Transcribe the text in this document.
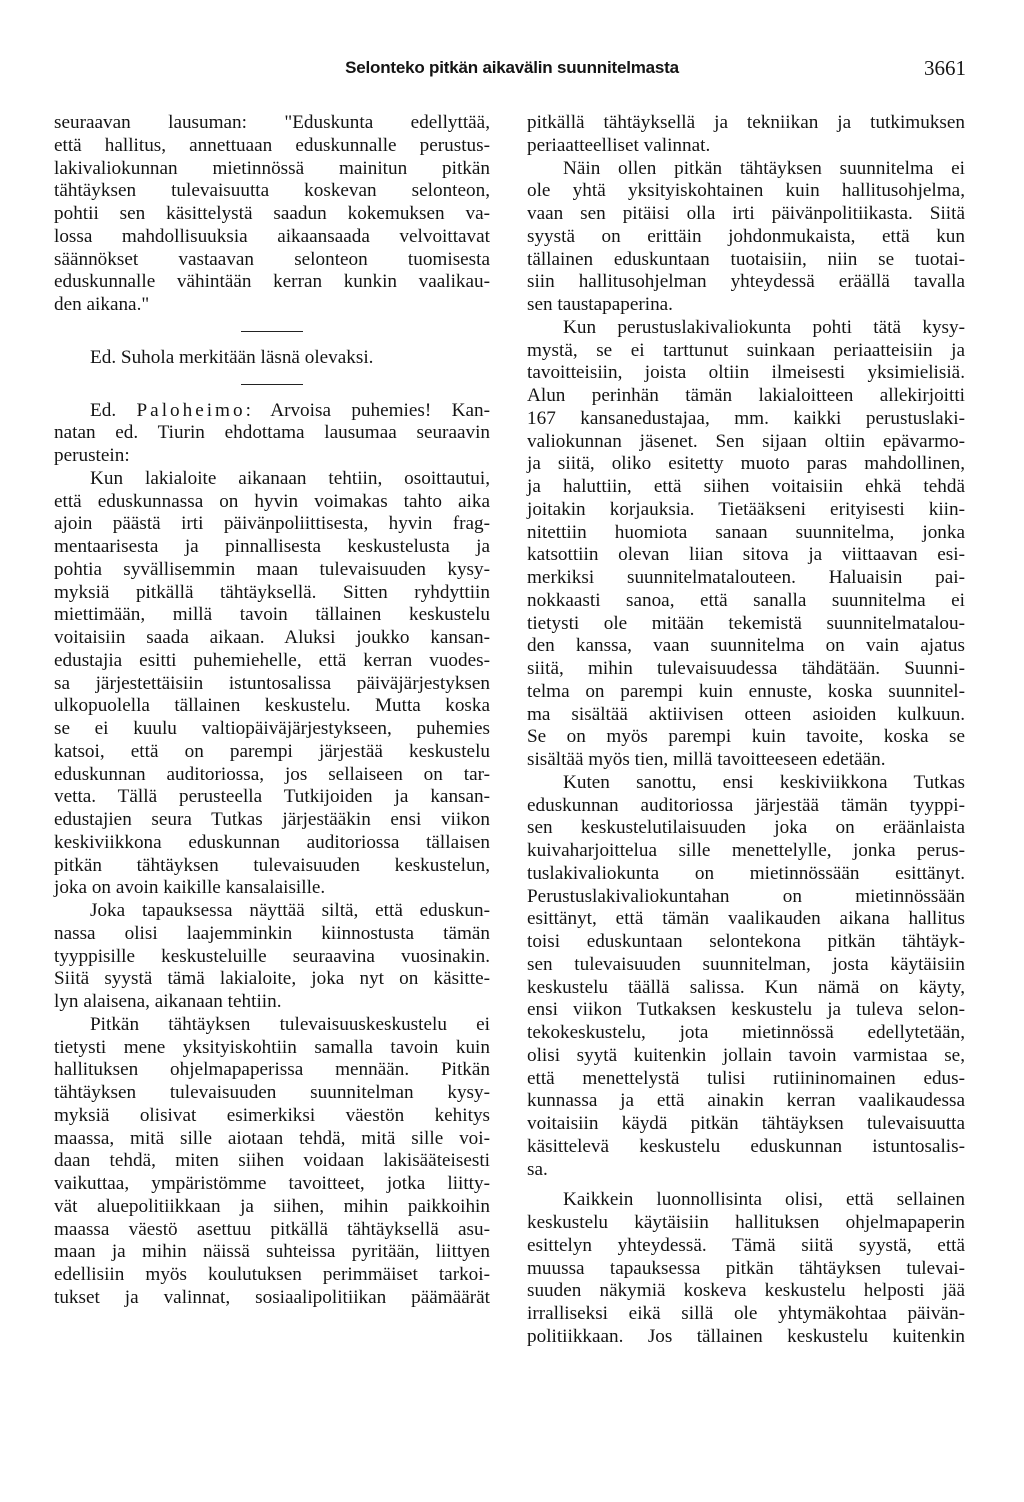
Selonteko pitkän aikavälin suunnitelmasta	3661
seuraavan lausuman: "Eduskunta edellyttää,
että hallitus, annettuaan eduskunnalle perustus-
lakivaliokunnan mietinnössä mainitun pitkän
tähtäyksen tulevaisuutta koskevan selonteon,
pohtii sen käsittelystä saadun kokemuksen va-
lossa mahdollisuuksia aikaansaada velvoittavat
säännökset vastaavan selonteon tuomisesta
eduskunnalle vähintään kerran kunkin vaalikau-
den aikana."
Ed. Suhola merkitään läsnä olevaksi.
Ed. Paloheimo: Arvoisa puhemies! Kan-
natan ed. Tiurin ehdottama lausumaa seuraavin
perustein:
Kun lakialoite aikanaan tehtiin, osoittautui,
että eduskunnassa on hyvin voimakas tahto aika
ajoin päästä irti päivänpoliittisesta, hyvin frag-
mentaarisesta ja pinnallisesta keskustelusta ja
pohtia syvällisemmin maan tulevaisuuden kysy-
myksiä pitkällä tähtäyksellä. Sitten ryhdyttiin
miettimään, millä tavoin tällainen keskustelu
voitaisiin saada aikaan. Aluksi joukko kansan-
edustajia esitti puhemiehelle, että kerran vuodes-
sa järjestettäisiin istuntosalissa päiväjärjestyksen
ulkopuolella tällainen keskustelu. Mutta koska
se ei kuulu valtiopäiväjärjestykseen, puhemies
katsoi, että on parempi järjestää keskustelu
eduskunnan auditoriossa, jos sellaiseen on tar-
vetta. Tällä perusteella Tutkijoiden ja kansan-
edustajien seura Tutkas järjestääkin ensi viikon
keskiviikkona eduskunnan auditoriossa tällaisen
pitkän tähtäyksen tulevaisuuden keskustelun,
joka on avoin kaikille kansalaisille.
Joka tapauksessa näyttää siltä, että eduskun-
nassa olisi laajemminkin kiinnostusta tämän
tyyppisille keskusteluille seuraavina vuosinakin.
Siitä syystä tämä lakialoite, joka nyt on käsitte-
lyn alaisena, aikanaan tehtiin.
Pitkän tähtäyksen tulevaisuuskeskustelu ei
tietysti mene yksityiskohtiin samalla tavoin kuin
hallituksen ohjelmapaperissa mennään. Pitkän
tähtäyksen tulevaisuuden suunnitelman kysy-
myksiä olisivat esimerkiksi väestön kehitys
maassa, mitä sille aiotaan tehdä, mitä sille voi-
daan tehdä, miten siihen voidaan lakisääteisesti
vaikuttaa, ympäristömme tavoitteet, jotka liitty-
vät aluepolitiikkaan ja siihen, mihin paikkoihin
maassa väestö asettuu pitkällä tähtäyksellä asu-
maan ja mihin näissä suhteissa pyritään, liittyen
edellisiin myös koulutuksen perimmäiset tarkoi-
tukset ja valinnat, sosiaalipolitiikan päämäärät
pitkällä tähtäyksellä ja tekniikan ja tutkimuksen
periaatteelliset valinnat.
Näin ollen pitkän tähtäyksen suunnitelma ei
ole yhtä yksityiskohtainen kuin hallitusohjelma,
vaan sen pitäisi olla irti päivänpolitiikasta. Siitä
syystä on erittäin johdonmukaista, että kun
tällainen eduskuntaan tuotaisiin, niin se tuotai-
siin hallitusohjelman yhteydessä eräällä tavalla
sen taustapaperina.
Kun perustuslakivaliokunta pohti tätä kysy-
mystä, se ei tarttunut suinkaan periaatteisiin ja
tavoitteisiin, joista oltiin ilmeisesti yksimielisiä.
Alun perinhän tämän lakialoitteen allekirjoitti
167 kansanedustajaa, mm. kaikki perustuslaki-
valiokunnan jäsenet. Sen sijaan oltiin epävarmo-
ja siitä, oliko esitetty muoto paras mahdollinen,
ja haluttiin, että siihen voitaisiin ehkä tehdä
joitakin korjauksia. Tietääkseni erityisesti kiin-
nitettiin huomiota sanaan suunnitelma, jonka
katsottiin olevan liian sitova ja viittaavan esi-
merkiksi suunnitelmatalouteen. Haluaisin pai-
nokkaasti sanoa, että sanalla suunnitelma ei
tietysti ole mitään tekemistä suunnitelmatalou-
den kanssa, vaan suunnitelma on vain ajatus
siitä, mihin tulevaisuudessa tähdätään. Suunni-
telma on parempi kuin ennuste, koska suunnitel-
ma sisältää aktiivisen otteen asioiden kulkuun.
Se on myös parempi kuin tavoite, koska se
sisältää myös tien, millä tavoitteeseen edetään.
Kuten sanottu, ensi keskiviikkona Tutkas
eduskunnan auditoriossa järjestää tämän tyyppi-
sen keskustelutilaisuuden joka on eräänlaista
kuivaharjoittelua sille menettelylle, jonka perus-
tuslakivaliokunta on mietinnössään esittänyt.
Perustuslakivaliokuntahan on mietinnössään
esittänyt, että tämän vaalikauden aikana hallitus
toisi eduskuntaan selontekona pitkän tähtäyk-
sen tulevaisuuden suunnitelman, josta käytäisiin
keskustelu täällä salissa. Kun nämä on käyty,
ensi viikon Tutkaksen keskustelu ja tuleva selon-
tekokeskustelu, jota mietinnössä edellytetään,
olisi syytä kuitenkin jollain tavoin varmistaa se,
että menettelystä tulisi rutiininomainen edus-
kunnassa ja että ainakin kerran vaalikaudessa
voitaisiin käydä pitkän tähtäyksen tulevaisuutta
käsittelevä keskustelu eduskunnan istuntosalis-
sa.
Kaikkein luonnollisinta olisi, että sellainen
keskustelu käytäisiin hallituksen ohjelmapaperin
esittelyn yhteydessä. Tämä siitä syystä, että
muussa tapauksessa pitkän tähtäyksen tulevai-
suuden näkymiä koskeva keskustelu helposti jää
irralliseksi eikä sillä ole yhtymäkohtaa päivän-
politiikkaan. Jos tällainen keskustelu kuitenkin
